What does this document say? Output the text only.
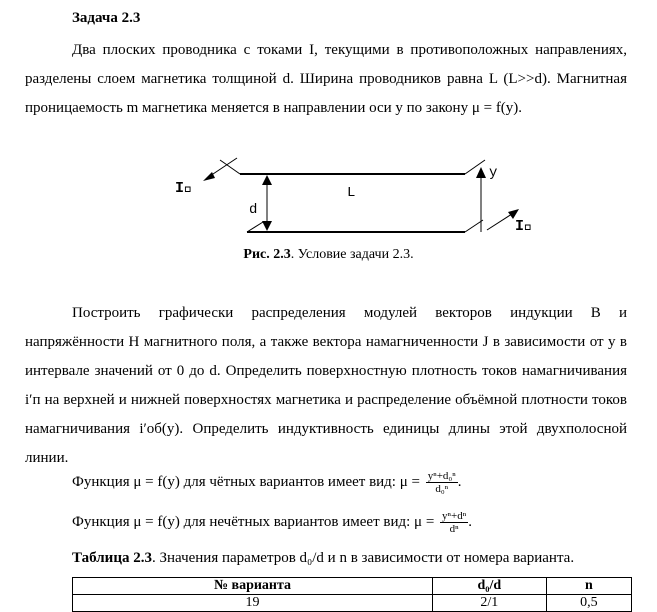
Задача 2.3

Два плоских проводника с токами I, текущими в противоположных направлениях, разделены слоем магнетика толщиной d. Ширина проводников равна L (L>>d). Магнитная проницаемость m магнетика меняется в направлении оси y по закону μ = f(y).

I⃗
I⃗
L
d
y
Рис. 2.3. Условие задачи 2.3.

Построить графически распределения модулей векторов индукции B и напряжённости H магнитного поля, а также вектора намагниченности J в зависимости от y в интервале значений от 0 до d. Определить поверхностную плотность токов намагничивания i′п на верхней и нижней поверхностях магнетика и распределение объёмной плотности токов намагничивания i′об(y). Определить индуктивность единицы длины этой двухполосной линии.

Функция μ = f(y) для чётных вариантов имеет вид: $\mu = \frac{\text{yⁿ+d₀ⁿ}}{\text{d₀ⁿ}}$ .
Функция μ = f(y) для нечётных вариантов имеет вид: $\mu = \frac{\text{yⁿ+dⁿ}}{\text{dⁿ}}$ .
Таблица 2.3. Значения параметров d₀/d и n в зависимости от номера варианта.
№ варианта	d₀/d	n
19	2/1	0,5
